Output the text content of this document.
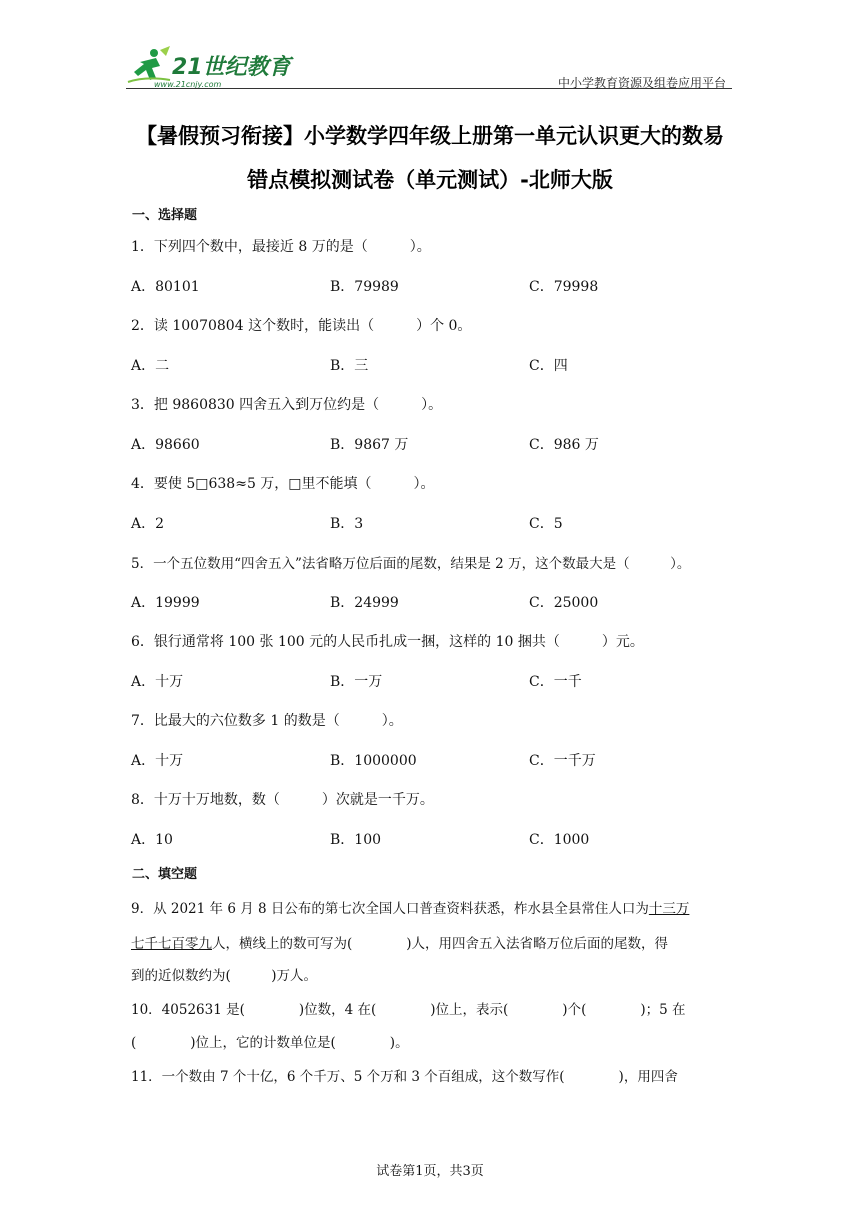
21世纪教育
www.21cnjy.com	中小学教育资源及组卷应用平台
【暑假预习衔接】小学数学四年级上册第一单元认识更大的数易
错点模拟测试卷（单元测试）-北师大版
一、选择题
1．下列四个数中，最接近 8 万的是（　　　）。
A．80101	B．79989	C．79998
2．读 10070804 这个数时，能读出（　　　）个 0。
A．二	B．三	C．四
3．把 9860830 四舍五入到万位约是（　　　）。
A．98660	B．9867 万	C．986 万
4．要使 5□638≈5 万，□里不能填（　　　）。
A．2	B．3	C．5
5．一个五位数用“四舍五入”法省略万位后面的尾数，结果是 2 万，这个数最大是（　　　）。
A．19999	B．24999	C．25000
6．银行通常将 100 张 100 元的人民币扎成一捆，这样的 10 捆共（　　　）元。
A．十万	B．一万	C．一千
7．比最大的六位数多 1 的数是（　　　）。
A．十万	B．1000000	C．一千万
8．十万十万地数，数（　　　）次就是一千万。
A．10	B．100	C．1000
二、填空题
9．从 2021 年 6 月 8 日公布的第七次全国人口普查资料获悉，柞水县全县常住人口为十三万
七千七百零九人，横线上的数可写为(　　　　)人，用四舍五入法省略万位后面的尾数，得
到的近似数约为(　　　)万人。
10．4052631 是(　　　　)位数，4 在(　　　　)位上，表示(　　　　)个(　　　　)；5 在
(　　　　)位上，它的计数单位是(　　　　)。
11．一个数由 7 个十亿，6 个千万、5 个万和 3 个百组成，这个数写作(　　　　)，用四舍
试卷第1页，共3页
